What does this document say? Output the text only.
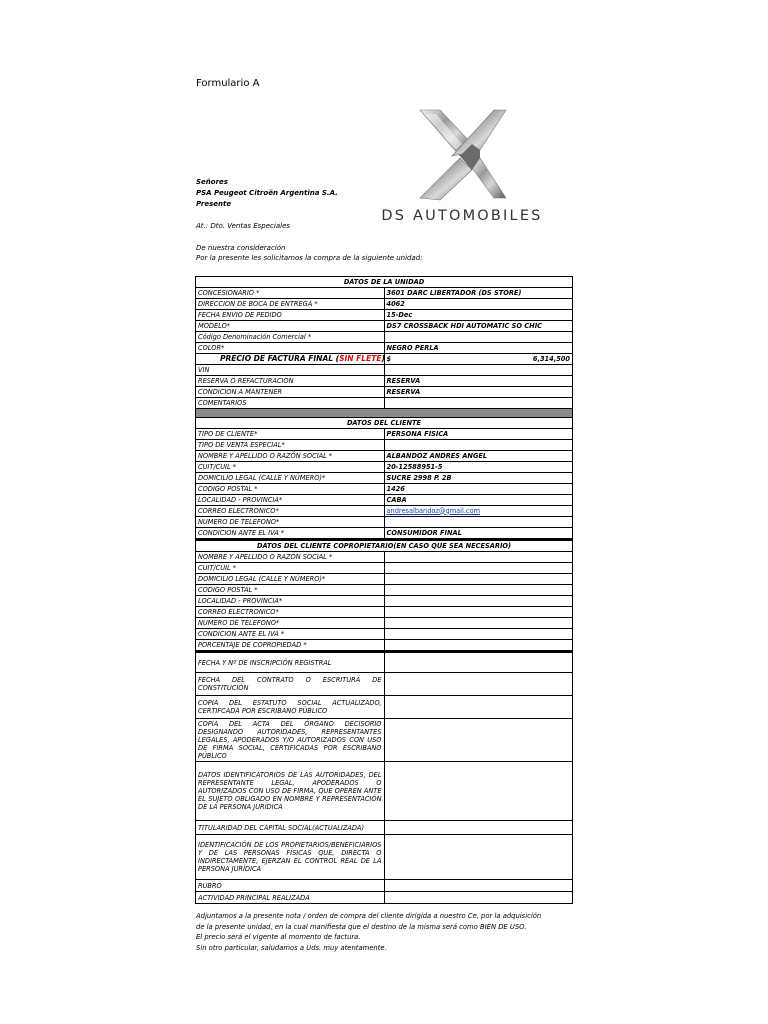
Formulario A
DS AUTOMOBILES
Señores
PSA Peugeot Citroën Argentina S.A.
Presente
At.: Dto. Ventas Especiales
De nuestra consideración
Por la presente les solicitamos la compra de la siguiente unidad:
DATOS DE LA UNIDAD	
CONCESIONARIO *	3601 DARC LIBERTADOR (DS STORE)
DIRECCION DE BOCA DE ENTREGA *	4062
FECHA ENVIO DE PEDIDO	15-Dec
MODELO*	DS7 CROSSBACK HDI AUTOMATIC SO CHIC
Código Denominación Comercial *	
COLOR*	NEGRO PERLA
PRECIO DE FACTURA FINAL (SIN FLETE	$ 6,314,500

VIN	
RESERVA O REFACTURACION	RESERVA
CONDICION A MANTENER	RESERVA
COMENTARIOS	

DATOS DEL CLIENTE	
TIPO DE CLIENTE*	PERSONA FISICA
TIPO DE VENTA ESPECIAL*	
NOMBRE Y APELLIDO O RAZÓN SOCIAL *	ALBANDOZ ANDRES ANGEL
CUIT/CUIL *	20-12588951-5
DOMICILIO LEGAL (CALLE Y NÚMERO)*	SUCRE 2998 P. 2B
CODIGO POSTAL *	1426
LOCALIDAD - PROVINCIA*	CABA
CORREO ELECTRONICO*	andresalbandoz@gmail.com
NUMERO DE TELEFONO*	
CONDICION ANTE EL IVA *	CONSUMIDOR FINAL
DATOS DEL CLIENTE COPROPIETARIO(EN CASO QUE SEA NECESARIO)	
NOMBRE Y APELLIDO O RAZÓN SOCIAL *	
CUIT/CUIL *	
DOMICILIO LEGAL (CALLE Y NÚMERO)*	
CODIGO POSTAL *	
LOCALIDAD - PROVINCIA*	
CORREO ELECTRONICO*	
NUMERO DE TELEFONO*	
CONDICION ANTE EL IVA *	
PORCENTAJE DE COPROPIEDAD *	
FECHA Y Nº DE INSCRIPCIÓN REGISTRAL	
FECHA DEL CONTRATO O ESCRITURA DE CONSTITUCIÓN	
COPIA DEL ESTATUTO SOCIAL ACTUALIZADO, CERTIFCADA POR ESCRIBANO PÚBLICO	
COPIA DEL ACTA DEL ÓRGANO DECISORIO DESIGNANDO AUTORIDADES, REPRESENTANTES LEGALES, APODERADOS Y/O AUTORIZADOS CON USO DE FIRMA SOCIAL, CERTIFICADAS POR ESCRIBANO PÚBLICO	
DATOS IDENTIFICATORIOS DE LAS AUTORIDADES, DEL REPRESENTANTE LEGAL, APODERADOS O AUTORIZADOS CON USO DE FIRMA, QUE OPEREN ANTE EL SUJETO OBLIGADO EN NOMBRE Y REPRESENTACIÓN DE LA PERSONA JURÍDICA	
TITULARIDAD DEL CAPITAL SOCIAL(ACTUALIZADA)	
IDENTIFICACIÓN DE LOS PROPIETARIOS/BENEFICIARIOS Y DE LAS PERSONAS FÍSICAS QUE, DIRECTA O INDIRECTAMENTE, EJERZAN EL CONTROL REAL DE LA PERSONA JURÍDICA	
RUBRO	
ACTIVIDAD PRINCIPAL REALIZADA	
Adjuntamos a la presente nota / orden de compra del cliente dirigida a nuestro Ce, por la adquisición
de la presente unidad, en la cual manifiesta que el destino de la misma será como BIEN DE USO.
El precio será el vigente al momento de factura.
Sin otro particular, saludamos a Uds. muy atentamente.
